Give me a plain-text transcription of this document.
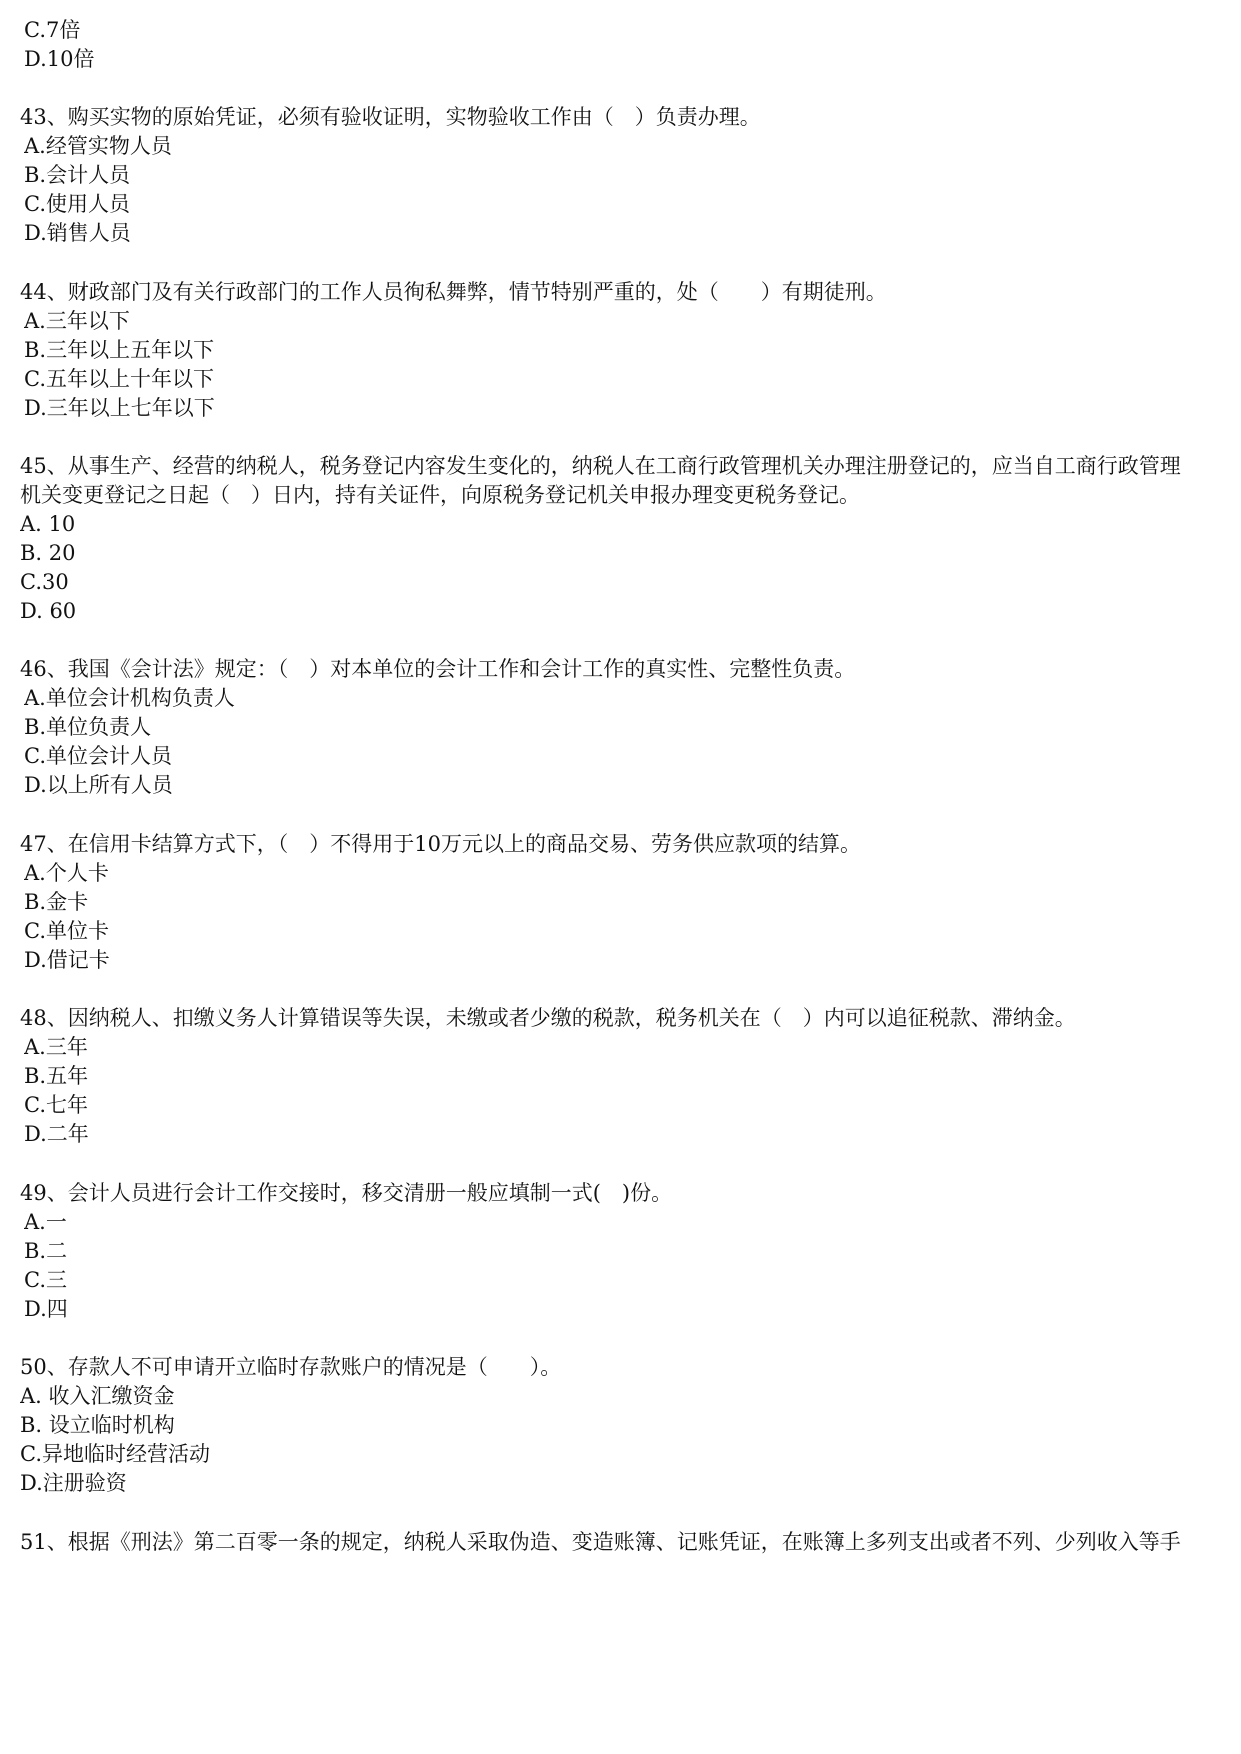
C.7倍
D.10倍
43、购买实物的原始凭证，必须有验收证明，实物验收工作由（　）负责办理。
A.经管实物人员
B.会计人员
C.使用人员
D.销售人员
44、财政部门及有关行政部门的工作人员徇私舞弊，情节特别严重的，处（　　）有期徒刑。
A.三年以下
B.三年以上五年以下
C.五年以上十年以下
D.三年以上七年以下
45、从事生产、经营的纳税人，税务登记内容发生变化的，纳税人在工商行政管理机关办理注册登记的，应当自工商行政管理
机关变更登记之日起（　）日内，持有关证件，向原税务登记机关申报办理变更税务登记。
A. 10
B. 20
C.30
D. 60
46、我国《会计法》规定：（　）对本单位的会计工作和会计工作的真实性、完整性负责。
A.单位会计机构负责人
B.单位负责人
C.单位会计人员
D.以上所有人员
47、在信用卡结算方式下，（　）不得用于10万元以上的商品交易、劳务供应款项的结算。
A.个人卡
B.金卡
C.单位卡
D.借记卡
48、因纳税人、扣缴义务人计算错误等失误，未缴或者少缴的税款，税务机关在（　）内可以追征税款、滞纳金。
A.三年
B.五年
C.七年
D.二年
49、会计人员进行会计工作交接时，移交清册一般应填制一式(　)份。
A.一
B.二
C.三
D.四
50、存款人不可申请开立临时存款账户的情况是（　　）。
A. 收入汇缴资金
B. 设立临时机构
C.异地临时经营活动
D.注册验资
51、根据《刑法》第二百零一条的规定，纳税人采取伪造、变造账簿、记账凭证，在账簿上多列支出或者不列、少列收入等手
